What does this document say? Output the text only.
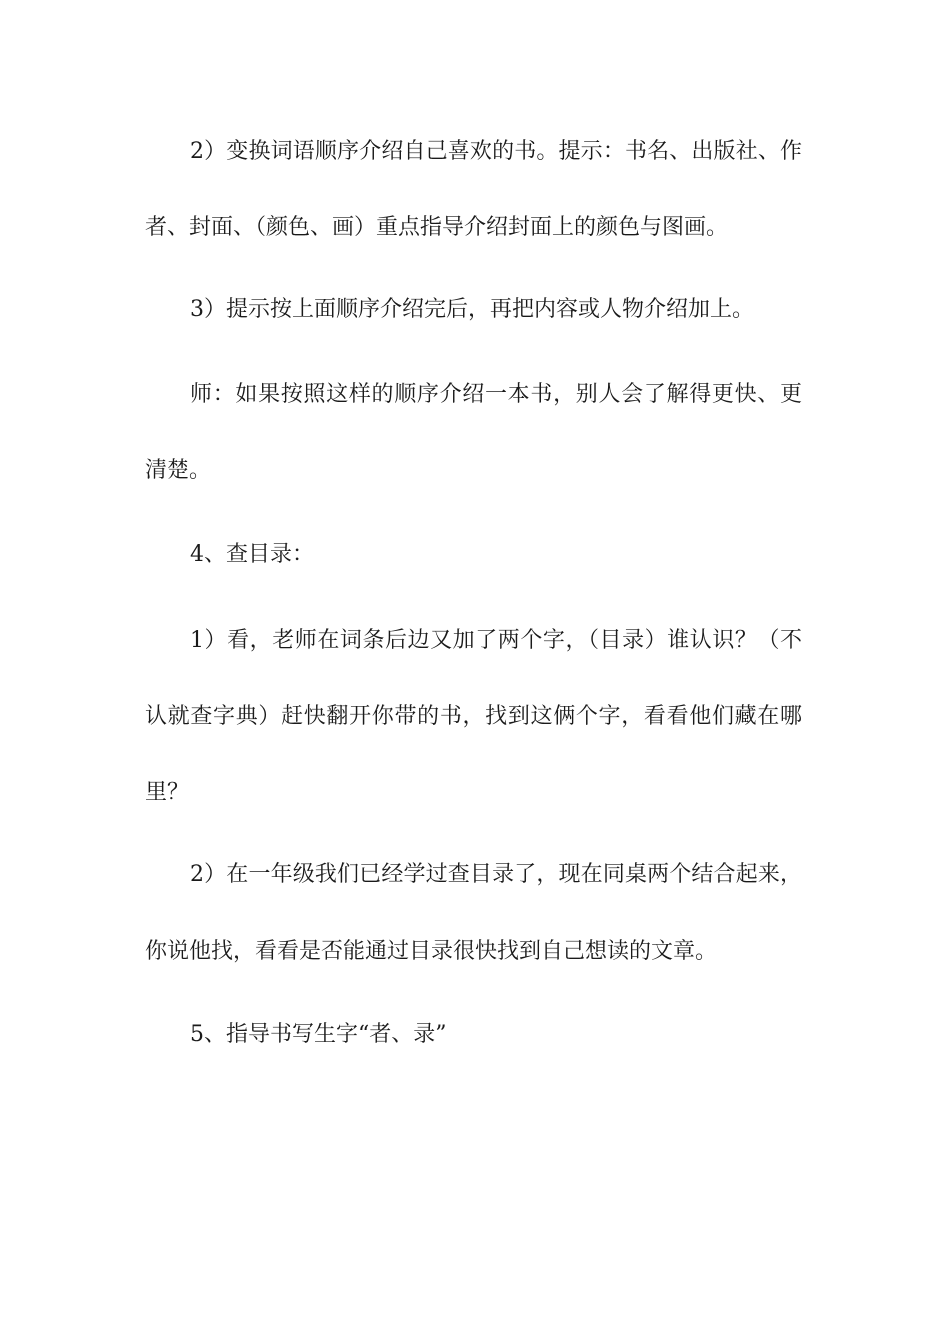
2）变换词语顺序介绍自己喜欢的书。提示：书名、出版社、作
者、封面、（颜色、画）重点指导介绍封面上的颜色与图画。
3）提示按上面顺序介绍完后，再把内容或人物介绍加上。
师：如果按照这样的顺序介绍一本书，别人会了解得更快、更
清楚。
4、查目录：
1）看，老师在词条后边又加了两个字，（目录）谁认识？（不
认就查字典）赶快翻开你带的书，找到这俩个字，看看他们藏在哪
里？
2）在一年级我们已经学过查目录了，现在同桌两个结合起来，
你说他找，看看是否能通过目录很快找到自己想读的文章。
5、指导书写生字“者、录”
